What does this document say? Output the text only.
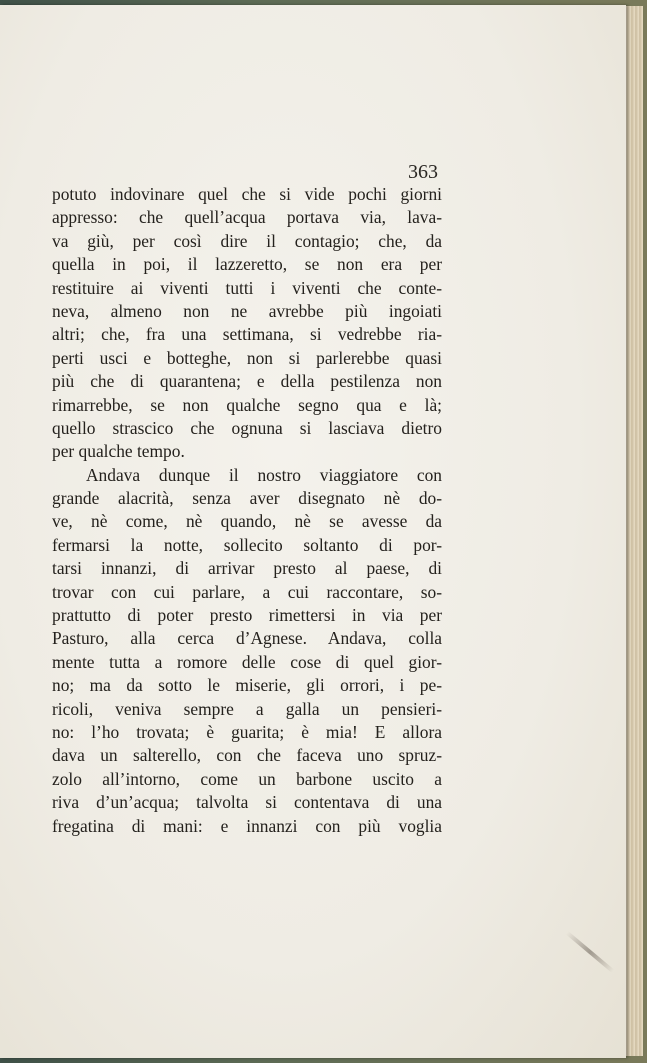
363
potuto indovinare quel che si vide pochi giorni
appresso: che quell’acqua portava via, lava-
va giù, per così dire il contagio; che, da
quella in poi, il lazzeretto, se non era per
restituire ai viventi tutti i viventi che conte-
neva, almeno non ne avrebbe più ingoiati
altri; che, fra una settimana, si vedrebbe ria-
perti usci e botteghe, non si parlerebbe quasi
più che di quarantena; e della pestilenza non
rimarrebbe, se non qualche segno qua e là;
quello strascico che ognuna si lasciava dietro
per qualche tempo.
Andava dunque il nostro viaggiatore con
grande alacrità, senza aver disegnato nè do-
ve, nè come, nè quando, nè se avesse da
fermarsi la notte, sollecito soltanto di por-
tarsi innanzi, di arrivar presto al paese, di
trovar con cui parlare, a cui raccontare, so-
prattutto di poter presto rimettersi in via per
Pasturo, alla cerca d’Agnese. Andava, colla
mente tutta a romore delle cose di quel gior-
no; ma da sotto le miserie, gli orrori, i pe-
ricoli, veniva sempre a galla un pensieri-
no: l’ho trovata; è guarita; è mia! E allora
dava un salterello, con che faceva uno spruz-
zolo all’intorno, come un barbone uscito a
riva d’un’acqua; talvolta si contentava di una
fregatina di mani: e innanzi con più voglia
